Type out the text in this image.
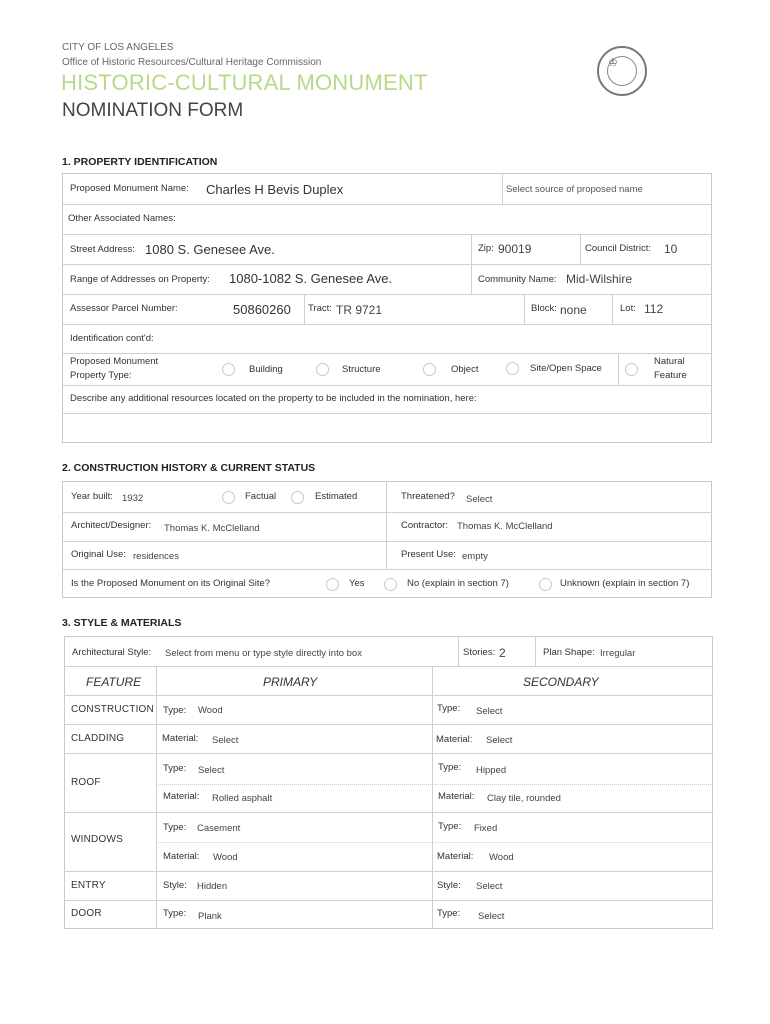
CITY OF LOS ANGELES
Office of Historic Resources/Cultural Heritage Commission
HISTORIC-CULTURAL MONUMENT
NOMINATION FORM
♔
1. PROPERTY IDENTIFICATION
Proposed Monument Name: Charles H Bevis Duplex	Select source of proposed name
Other Associated Names:
Street Address: 1080 S. Genesee Ave.	Zip: 90019	Council District: 10
Range of Addresses on Property: 1080-1082 S. Genesee Ave.	Community Name: Mid-Wilshire
Assessor Parcel Number:	50860260 Tract: TR 9721	Block: none	Lot: 112
Identification cont'd:
Proposed Monument
Property Type:
Building	Structure	Object	Site/Open Space
Natural
Feature
Describe any additional resources located on the property to be included in the nomination, here:
2. CONSTRUCTION HISTORY & CURRENT STATUS
Year built: 1932	Factual	Estimated	Threatened? Select
Architect/Designer: Thomas K. McClelland	Contractor: Thomas K. McClelland
Original Use: residences	Present Use: empty
Is the Proposed Monument on its Original Site?	Yes	No (explain in section 7)	Unknown (explain in section 7)
3. STYLE & MATERIALS
Architectural Style: Select from menu or type style directly into box	Stories: 2	Plan Shape: Irregular
FEATURE	PRIMARY	SECONDARY
CONSTRUCTION Type: Wood	Type: Select
CLADDING	Material: Select	Material: Select
ROOF
Type: Select	Type: Hipped
Material: Rolled asphalt	Material: Clay tile, rounded
WINDOWS
Type: Casement	Type: Fixed
Material: Wood	Material: Wood
ENTRY	Style: Hidden	Style: Select
DOOR	Type: Plank	Type: Select
